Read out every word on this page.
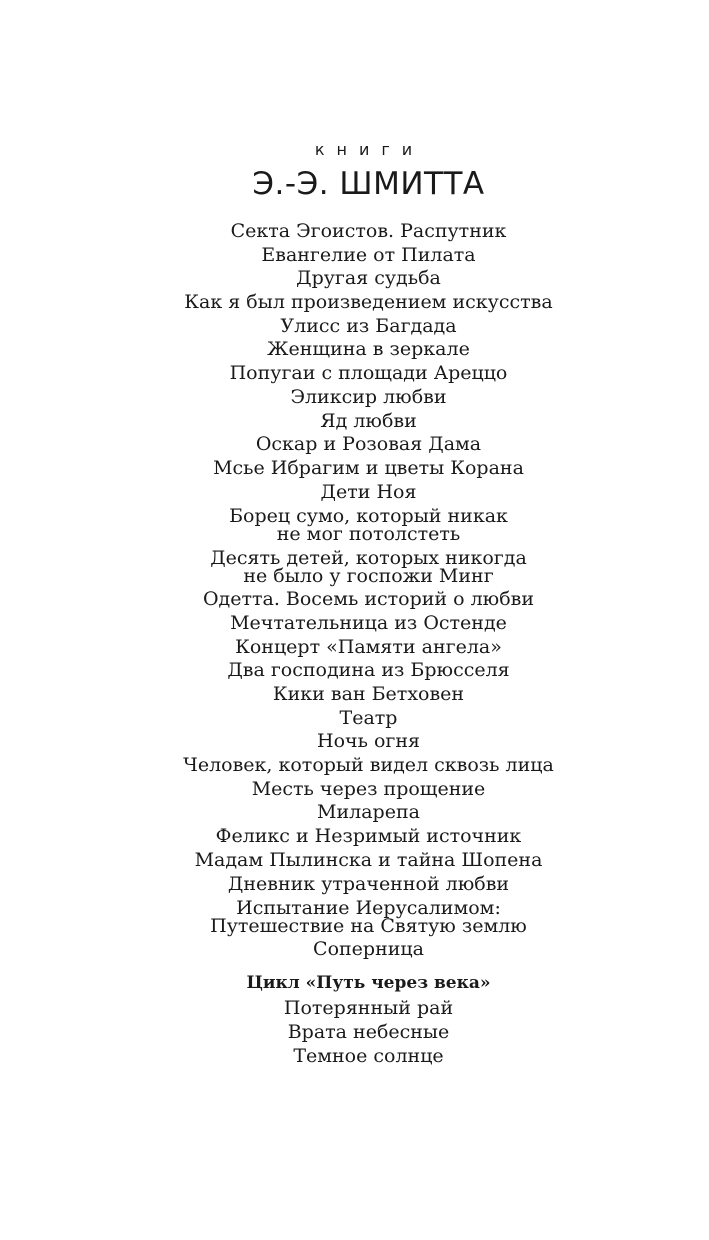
книги
Э.-Э. ШМИТТА
Секта Эгоистов. Распутник
Евангелие от Пилата
Другая судьба
Как я был произведением искусства
Улисс из Багдада
Женщина в зеркале
Попугаи с площади Ареццо
Эликсир любви
Яд любви
Оскар и Розовая Дама
Мсье Ибрагим и цветы Корана
Дети Ноя
Борец сумо, который никак
не мог потолстеть
Десять детей, которых никогда
не было у госпожи Минг
Одетта. Восемь историй о любви
Мечтательница из Остенде
Концерт «Памяти ангела»
Два господина из Брюсселя
Кики ван Бетховен
Театр
Ночь огня
Человек, который видел сквозь лица
Месть через прощение
Миларепа
Феликс и Незримый источник
Мадам Пылинска и тайна Шопена
Дневник утраченной любви
Испытание Иерусалимом:
Путешествие на Святую землю
Соперница
Цикл «Путь через века»
Потерянный рай
Врата небесные
Темное солнце
